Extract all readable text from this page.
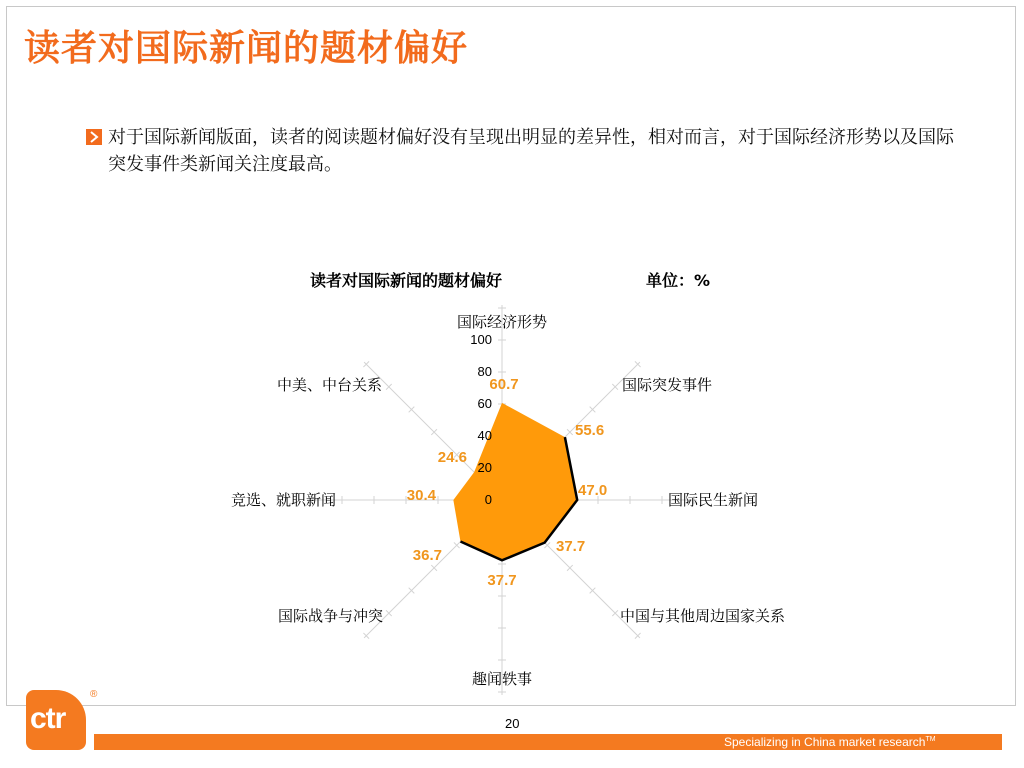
读者对国际新闻的题材偏好
对于国际新闻版面，读者的阅读题材偏好没有呈现出明显的差异性，相对而言，对于国际经济形势以及国际突发事件类新闻关注度最高。
读者对国际新闻的题材偏好	单位：%
0
20
40
60
80
100
国际经济形势
国际突发事件
国际民生新闻
中国与其他周边国家关系
趣闻轶事
国际战争与冲突
竞选、就职新闻
中美、中台关系	60.7
55.6
47.0
37.7
37.7
36.7
30.4
24.6
ctr
®
20
Specializing in China market research™
